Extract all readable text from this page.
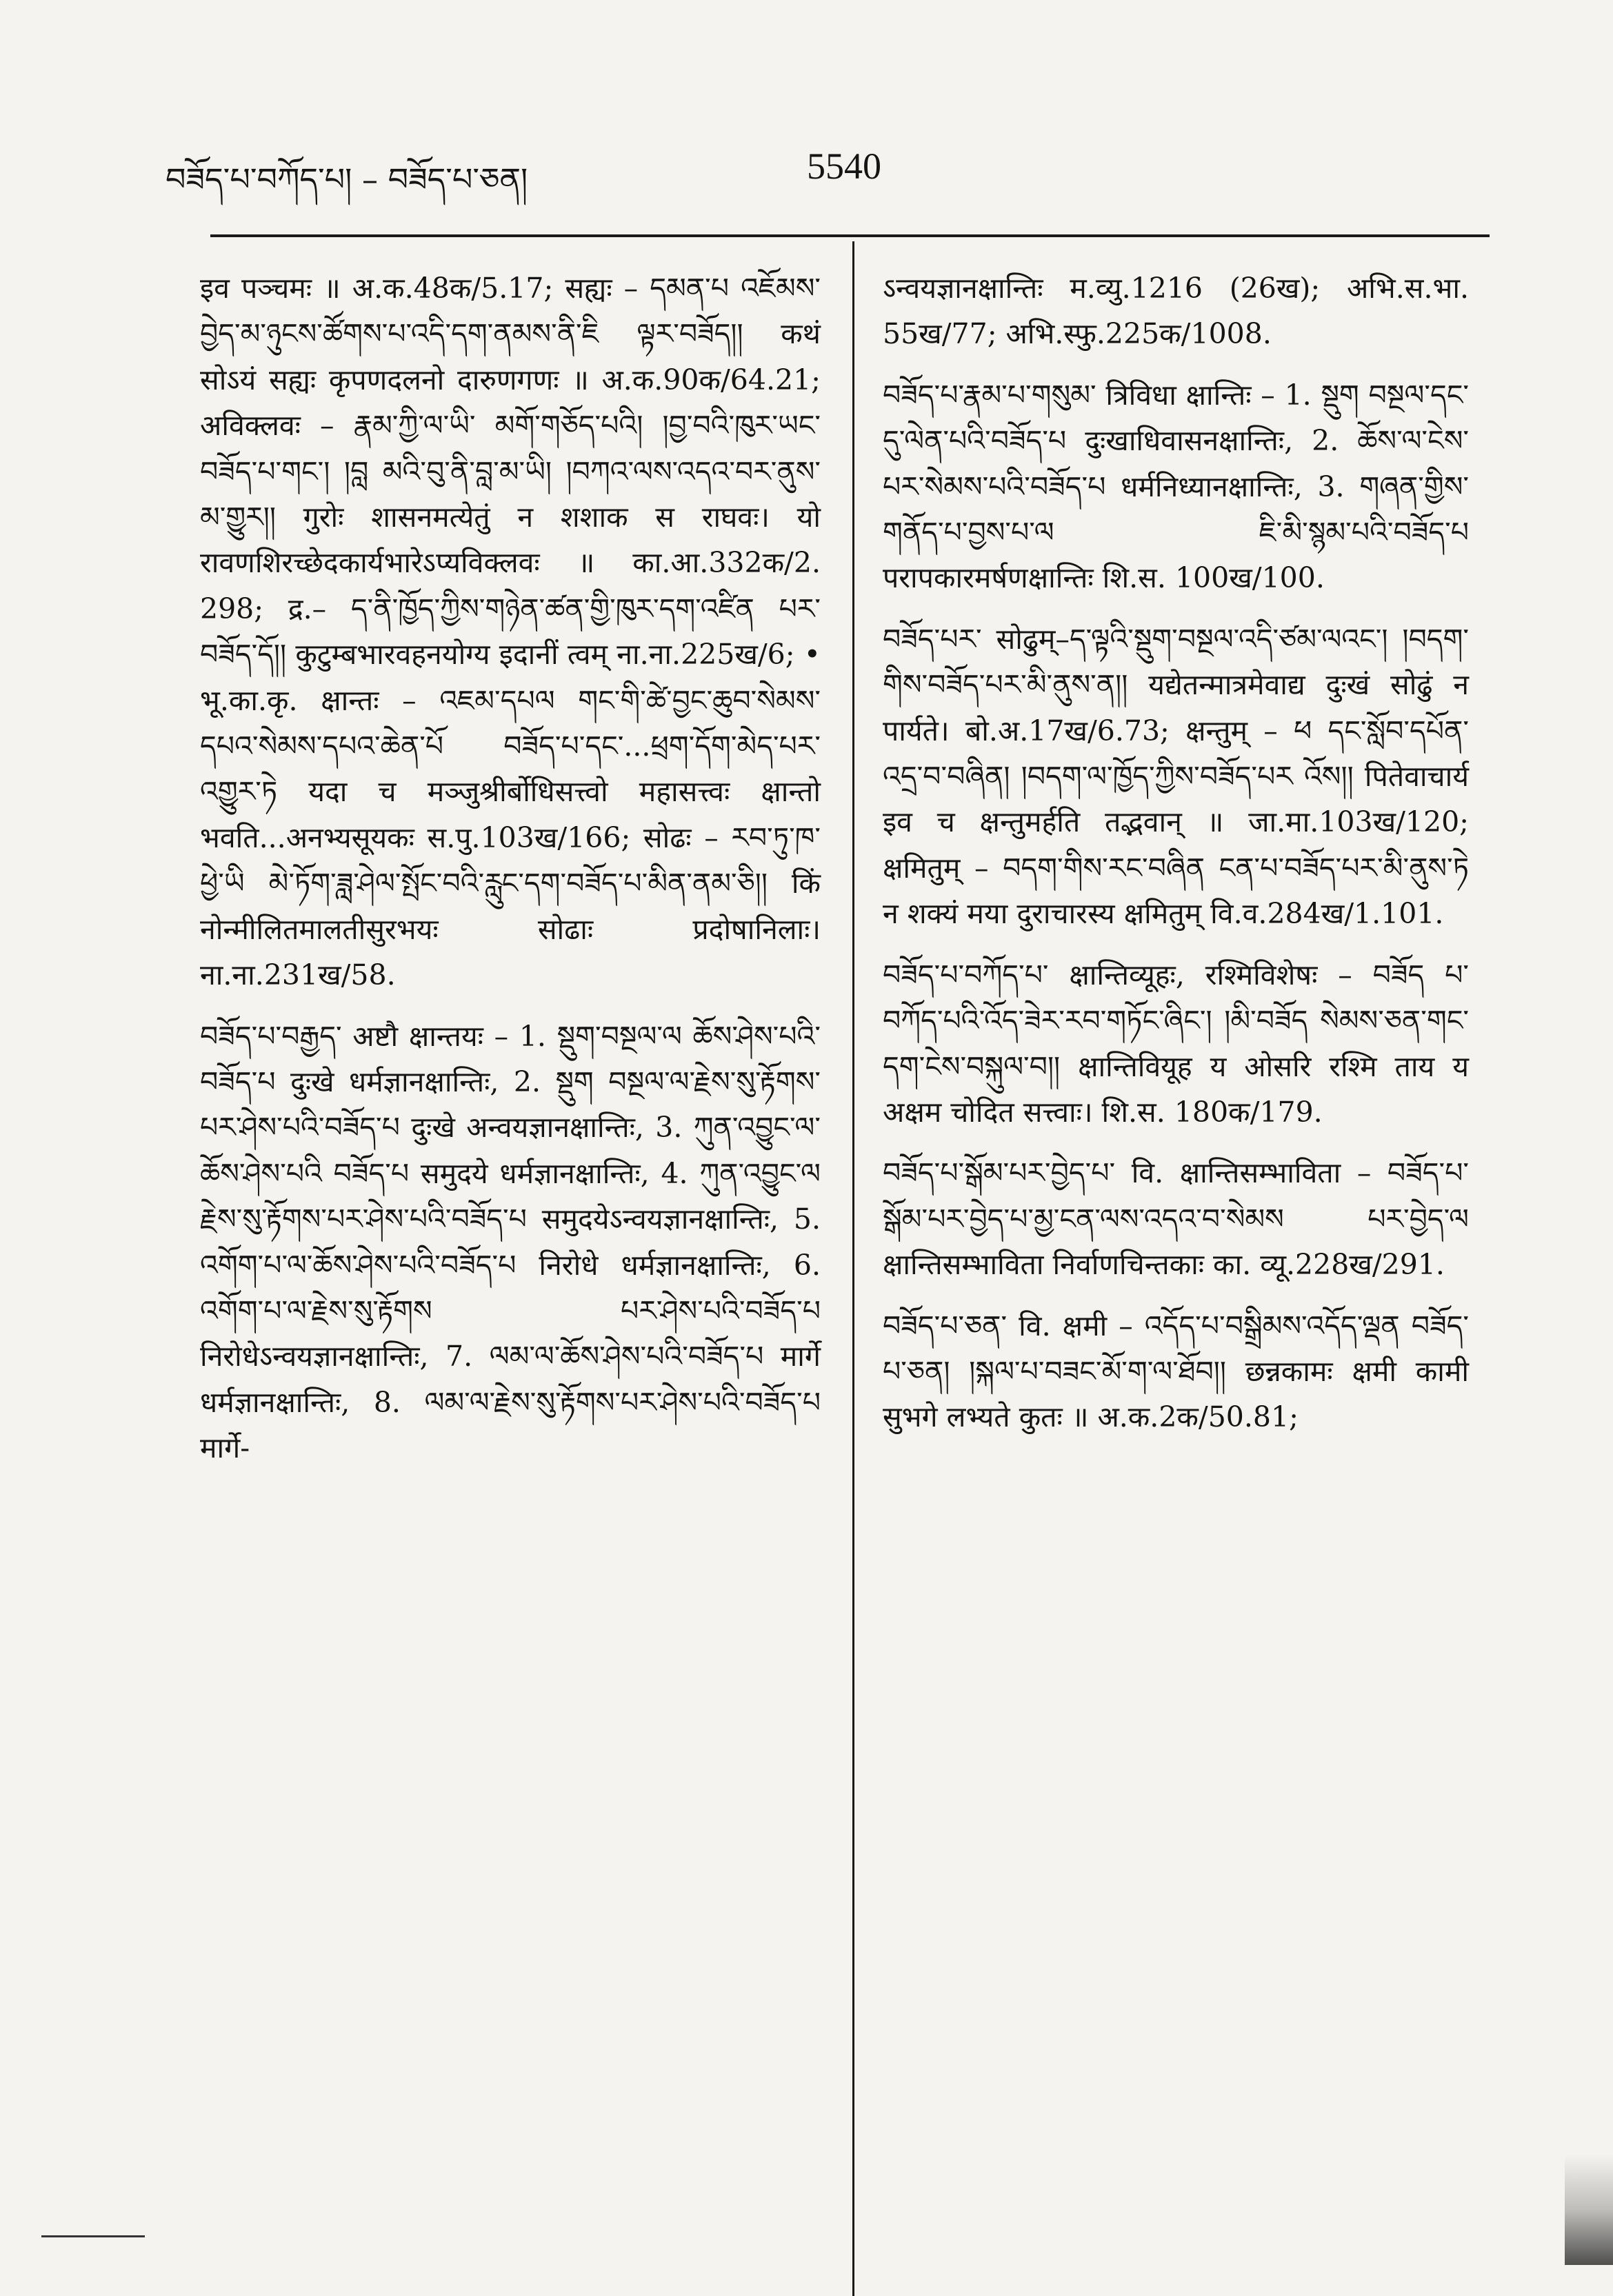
བཟོད་པ་བཀོད་པ། – བཟོད་པ་ཅན།	5540

इव पञ्चमः ॥ अ.क.48क/5.17; सह्यः – དམན་པ འཇོམས་བྱེད་མ་ཉུངས་ཚོགས་པ་འདི་དག་ནམས་ནི་ཇི ལྟར་བཟོད།། कथं सोऽयं सह्यः कृपणदलनो दारुणगणः ॥ अ.क.90क/64.21; अविक्लवः – རྣམ་ཀྱི་ལ་ཡི་ མགོ་གཅོད་པའི། །བྱ་བའི་ཁུར་ཡང་བཟོད་པ་གང་། །བླ མའི་བུ་ནི་བླ་མ་ཡི། །བཀའ་ལས་འདའ་བར་ནུས་མ་གྱུར།། गुरोः शासनमत्येतुं न शशाक स राघवः। यो रावणशिरच्छेदकार्यभारेऽप्यविक्लवः ॥ का.आ.332क/2. 298; द्र.– ད་ནི་ཁྱོད་ཀྱིས་གཉེན་ཚན་གྱི་ཁུར་དག་འཛིན པར་བཟོད་དོ།། कुटुम्बभारवहनयोग्य इदानीं त्वम् ना.ना.225ख/6; • भू.का.कृ. क्षान्तः – འཇམ་དཔལ གང་གི་ཚེ་བྱང་ཆུབ་སེམས་དཔའ་སེམས་དཔའ་ཆེན་པོ བཟོད་པ་དང་...ཕྲག་དོག་མེད་པར་འགྱུར་ཏེ यदा च मञ्जुश्रीर्बोधिसत्त्वो महासत्त्वः क्षान्तो भवति...अनभ्यसूयकः स.पु.103ख/166; सोढः – རབ་ཏུ་ཁ་ཕྱེ་ཡི མེ་ཏོག་ཟླ་ཤེལ་སྤོང་བའི་རླུང་དག་བཟོད་པ་མིན་ནམ་ཅི།། किं नोन्मीलितमालतीसुरभयः सोढाः प्रदोषानिलाः। ना.ना.231ख/58.

བཟོད་པ་བརྒྱད་ अष्टौ क्षान्तयः – 1. སྡུག་བསྔལ་ལ ཆོས་ཤེས་པའི་བཟོད་པ दुःखे धर्मज्ञानक्षान्तिः, 2. སྡུག བསྔལ་ལ་རྗེས་སུ་རྟོགས་པར་ཤེས་པའི་བཟོད་པ दुःखे अन्वयज्ञानक्षान्तिः, 3. ཀུན་འབྱུང་ལ་ཆོས་ཤེས་པའི བཟོད་པ समुदये धर्मज्ञानक्षान्तिः, 4. ཀུན་འབྱུང་ལ རྗེས་སུ་རྟོགས་པར་ཤེས་པའི་བཟོད་པ समुदयेऽन्वयज्ञानक्षान्तिः, 5. འགོག་པ་ལ་ཆོས་ཤེས་པའི་བཟོད་པ निरोधे धर्मज्ञानक्षान्तिः, 6. འགོག་པ་ལ་རྗེས་སུ་རྟོགས པར་ཤེས་པའི་བཟོད་པ निरोधेऽन्वयज्ञानक्षान्तिः, 7. ལམ་ལ་ཆོས་ཤེས་པའི་བཟོད་པ मार्गे धर्मज्ञानक्षान्तिः, 8. ལམ་ལ་རྗེས་སུ་རྟོགས་པར་ཤེས་པའི་བཟོད་པ मार्गे-

ऽन्वयज्ञानक्षान्तिः म.व्यु.1216 (26ख); अभि.स.भा. 55ख/77; अभि.स्फु.225क/1008.

བཟོད་པ་རྣམ་པ་གསུམ་ त्रिविधा क्षान्तिः – 1. སྡུག བསྔལ་དང་དུ་ལེན་པའི་བཟོད་པ दुःखाधिवासनक्षान्तिः, 2. ཆོས་ལ་ངེས་པར་སེམས་པའི་བཟོད་པ धर्मनिध्यानक्षान्तिः, 3. གཞན་གྱིས་གནོད་པ་བྱས་པ་ལ ཇི་མི་སྙམ་པའི་བཟོད་པ परापकारमर्षणक्षान्तिः शि.स. 100ख/100.

བཟོད་པར་ सोढुम्–ད་ལྟའི་སྡུག་བསྔལ་འདི་ཙམ་ལའང་། །བདག་གིས་བཟོད་པར་མི་ནུས་ན།། यद्येतन्मात्रमेवाद्य दुःखं सोढुं न पार्यते। बो.अ.17ख/6.73; क्षन्तुम् – ཕ དང་སློབ་དཔོན་འདྲ་བ་བཞིན། །བདག་ལ་ཁྱོད་ཀྱིས་བཟོད་པར འོས།། पितेवाचार्य इव च क्षन्तुमर्हति तद्भवान् ॥ जा.मा.103ख/120; क्षमितुम् – བདག་གིས་རང་བཞིན ངན་པ་བཟོད་པར་མི་ནུས་ཏེ न शक्यं मया दुराचारस्य क्षमितुम् वि.व.284ख/1.101.

བཟོད་པ་བཀོད་པ་ क्षान्तिव्यूहः, रश्मिविशेषः – བཟོད པ་བཀོད་པའི་འོད་ཟེར་རབ་གཏོང་ཞིང་། །མི་བཟོད སེམས་ཅན་གང་དག་ངེས་བསྐུལ་བ།། क्षान्तिवियूह य ओसरि रश्मि ताय य अक्षम चोदित सत्त्वाः। शि.स. 180क/179.

བཟོད་པ་སྒོམ་པར་བྱེད་པ་ वि. क्षान्तिसम्भाविता – བཟོད་པ་སྒོམ་པར་བྱེད་པ་མྱ་ངན་ལས་འདའ་བ་སེམས པར་བྱེད་ལ क्षान्तिसम्भाविता निर्वाणचिन्तकाः का. व्यू.228ख/291.

བཟོད་པ་ཅན་ वि. क्षमी – འདོད་པ་བསྒྲིམས་འདོད་ལྡན བཟོད་པ་ཅན། །སྐལ་པ་བཟང་མོ་ག་ལ་ཐོབ།། छन्नकामः क्षमी कामी सुभगे लभ्यते कुतः ॥ अ.क.2क/50.81;
